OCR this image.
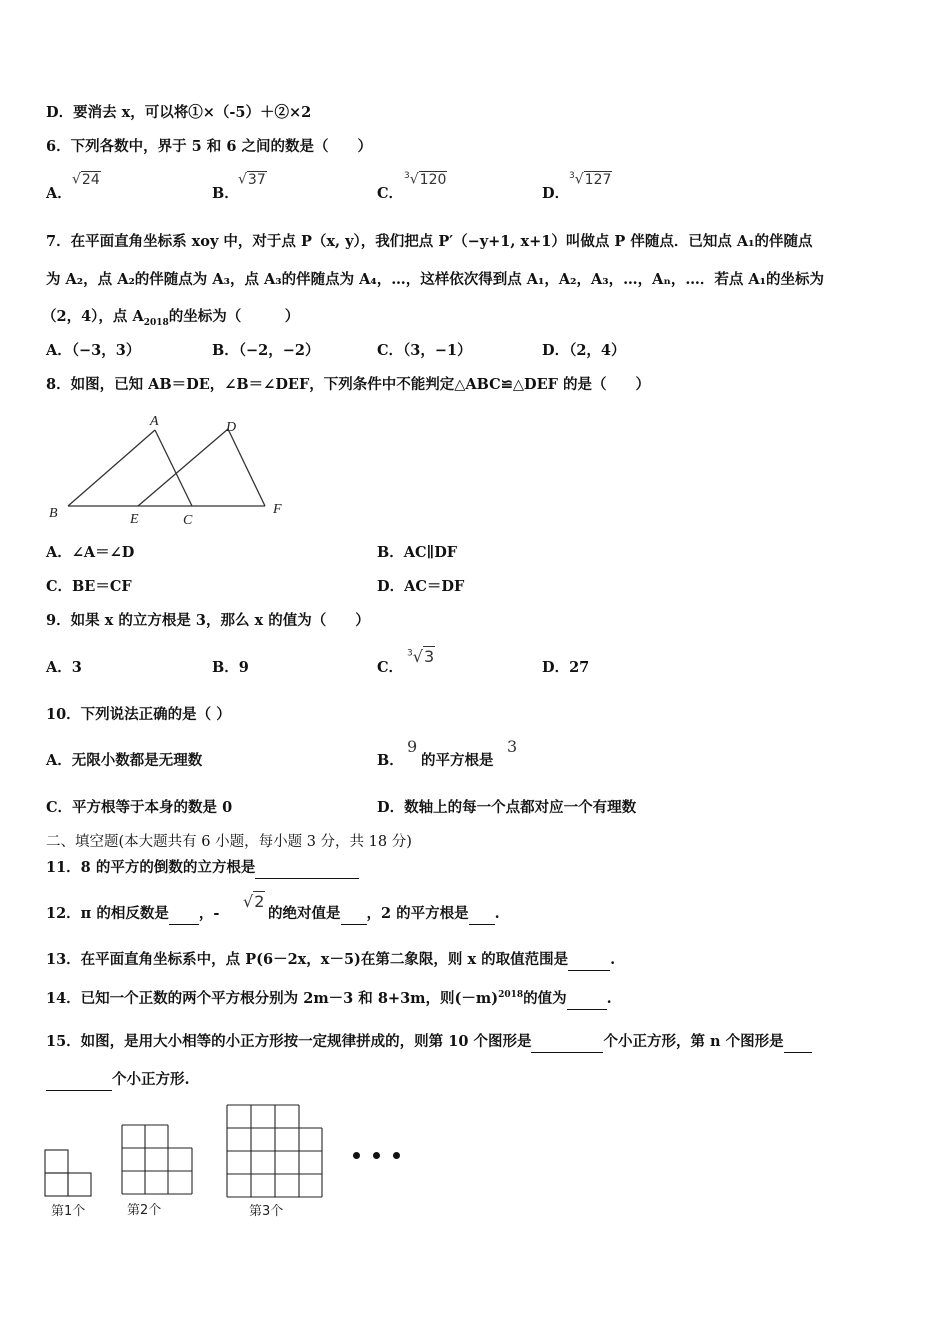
D．要消去 x，可以将①×（-5）＋②×2
6．下列各数中，界于 5 和 6 之间的数是（　　）
A．
√24
B．
√37
C．
$^3$√120
D．
$^3$√127
7．在平面直角坐标系 xoy 中，对于点 P（x, y），我们把点 P′（−y+1, x+1）叫做点 P 伴随点．已知点 A₁的伴随点
为 A₂，点 A₂的伴随点为 A₃，点 A₃的伴随点为 A₄，…，这样依次得到点 A₁，A₂，A₃，…，Aₙ，…．若点 A₁的坐标为
（2，4），点 $A_{2018}$的坐标为（　　　）
A．（−3，3）	B．（−2，−2）	C．（3，−1）	D．（2，4）
8．如图，已知 AB＝DE，∠B＝∠DEF，下列条件中不能判定△ABC≌△DEF 的是（　　）
A
B	C
D
E
F
A．∠A＝∠D	B．AC∥DF
C．BE＝CF	D．AC＝DF
9．如果 x 的立方根是 3，那么 x 的值为（　　）
A．3	B．9	C．
$^3$√3
D．27
10．下列说法正确的是（ ）
A．无限小数都是无理数	B．
9
的平方根是
3
C．平方根等于本身的数是 0	D．数轴上的每一个点都对应一个有理数
二、填空题(本大题共有 6 小题，每小题 3 分，共 18 分)
11．8 的平方的倒数的立方根是
12．π 的相反数是 ，-
√2
的绝对值是 ，2 的平方根是 .
13．在平面直角坐标系中，点 P(6－2x，x－5)在第二象限，则 x 的取值范围是	.
14．已知一个正数的两个平方根分别为 2m－3 和 8+3m，则$(-m)^{2018}$的值为	.
15．如图，是用大小相等的小正方形按一定规律拼成的，则第 10 个图形是	个小正方形，第 n 个图形是
个小正方形.
第1个	第2个	第3个
